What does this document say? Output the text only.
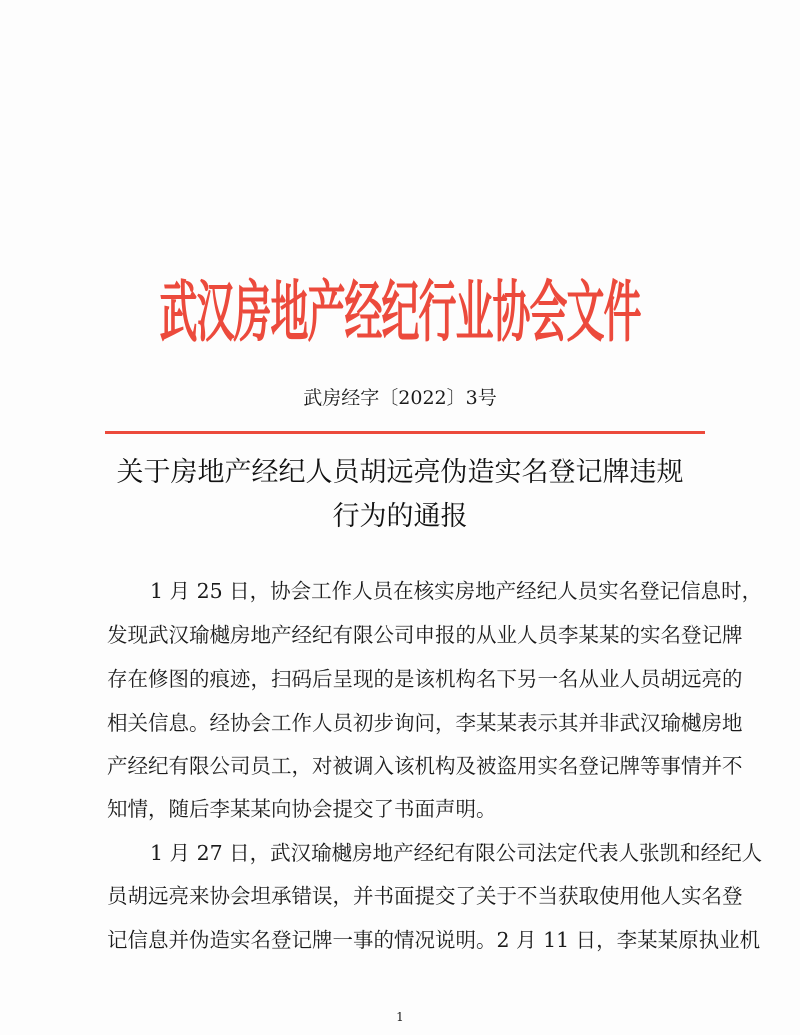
武汉房地产经纪行业协会文件
武房经字〔2022〕3号
关于房地产经纪人员胡远亮伪造实名登记牌违规
行为的通报
1 月 25 日，协会工作人员在核实房地产经纪人员实名登记信息时，
发现武汉瑜樾房地产经纪有限公司申报的从业人员李某某的实名登记牌
存在修图的痕迹，扫码后呈现的是该机构名下另一名从业人员胡远亮的
相关信息。经协会工作人员初步询问，李某某表示其并非武汉瑜樾房地
产经纪有限公司员工，对被调入该机构及被盗用实名登记牌等事情并不
知情，随后李某某向协会提交了书面声明。
1 月 27 日，武汉瑜樾房地产经纪有限公司法定代表人张凯和经纪人
员胡远亮来协会坦承错误，并书面提交了关于不当获取使用他人实名登
记信息并伪造实名登记牌一事的情况说明。2 月 11 日，李某某原执业机
1
